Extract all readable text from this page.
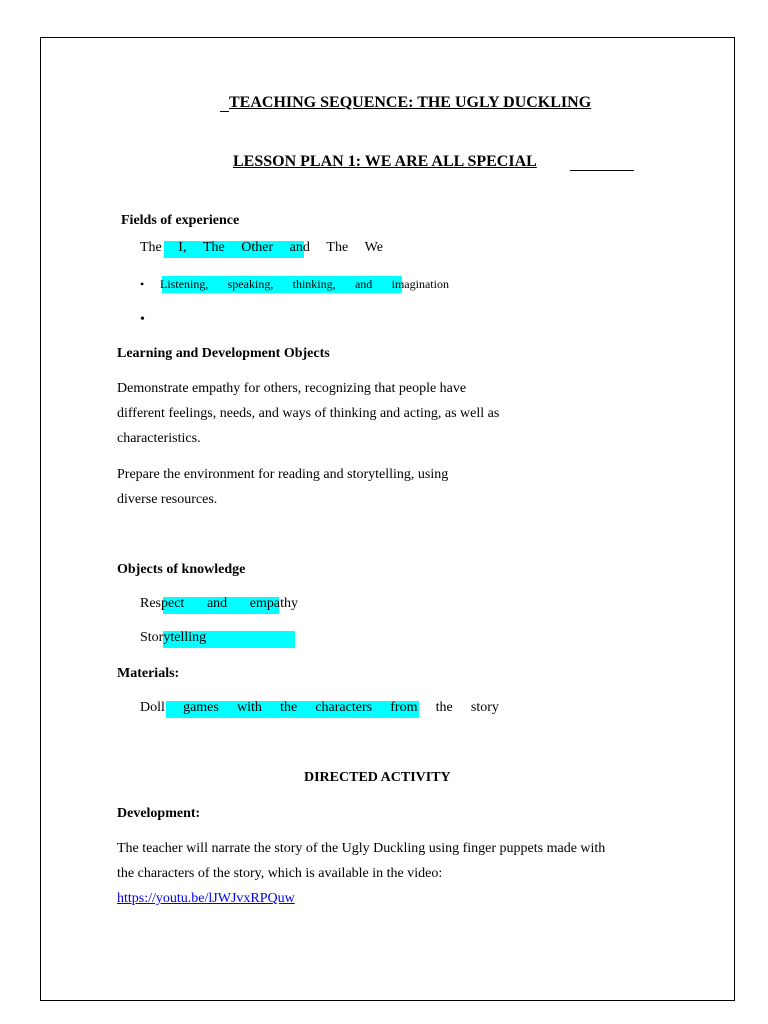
TEACHING SEQUENCE: THE UGLY DUCKLING
LESSON PLAN 1: WE ARE ALL SPECIAL
Fields of experience
The I, The Other and The We
• Listening, speaking, thinking, and imagination
•
Learning and Development Objects
Demonstrate empathy for others, recognizing that people have
different feelings, needs, and ways of thinking and acting, as well as
characteristics.
Prepare the environment for reading and storytelling, using
diverse resources.
Objects of knowledge
Respect and empathy
Storytelling
Materials:
Doll games with the characters from the story
DIRECTED ACTIVITY
Development:
The teacher will narrate the story of the Ugly Duckling using finger puppets made with
the characters of the story, which is available in the video:
https://youtu.be/lJWJvxRPQuw
